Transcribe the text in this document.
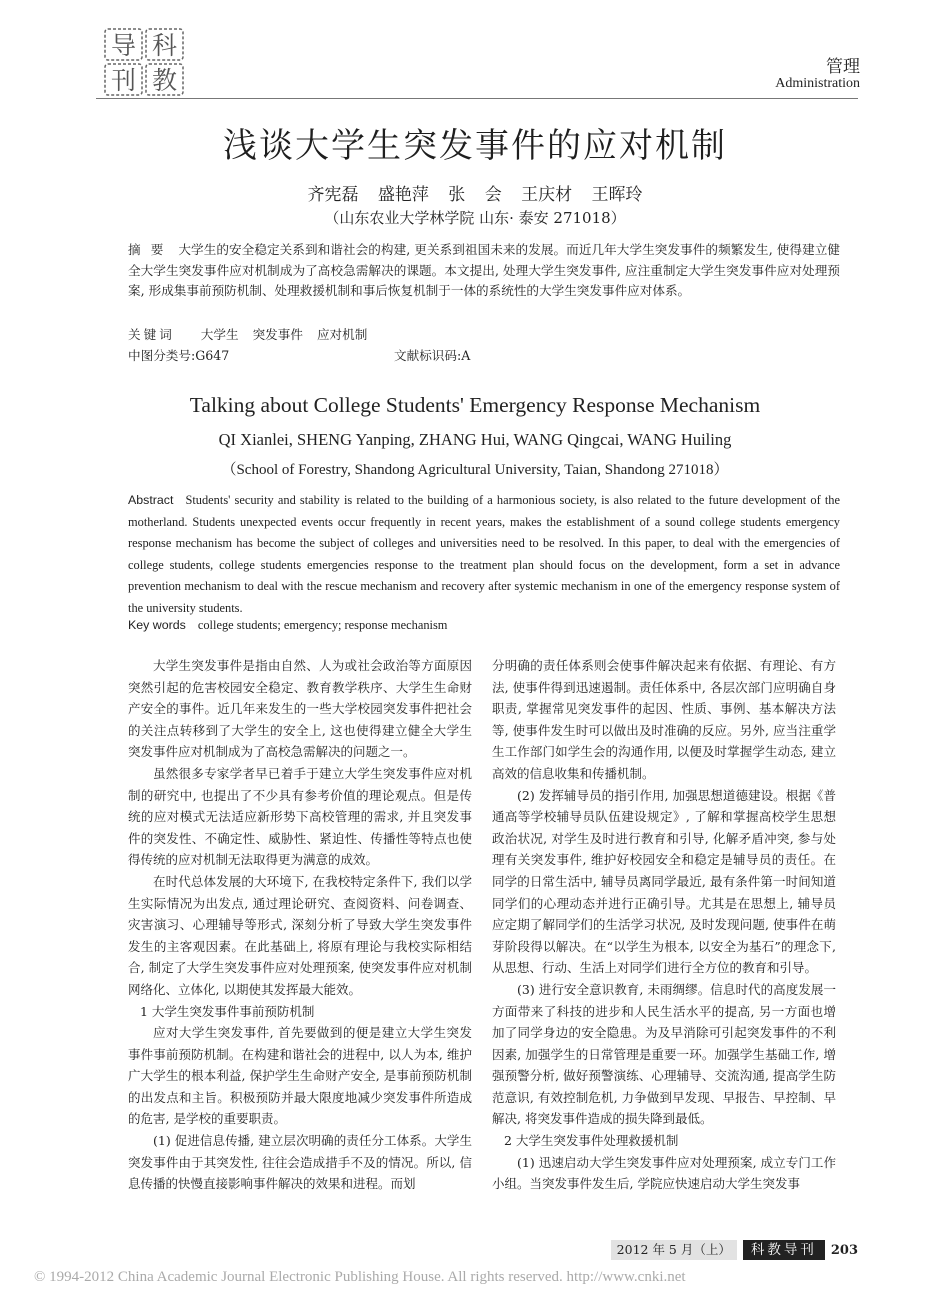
导 科
刊 教	管理
Administration
浅谈大学生突发事件的应对机制
齐宪磊 盛艳萍 张 会 王庆材 王晖玲
（山东农业大学林学院 山东· 泰安 271018）
摘 要 大学生的安全稳定关系到和谐社会的构建, 更关系到祖国未来的发展。而近几年大学生突发事件的频繁发生, 使得建立健全大学生突发事件应对机制成为了高校急需解决的课题。本文提出, 处理大学生突发事件, 应注重制定大学生突发事件应对处理预案, 形成集事前预防机制、处理救援机制和事后恢复机制于一体的系统性的大学生突发事件应对体系。
关键词 大学生 突发事件 应对机制
中图分类号:G647	文献标识码:A
Talking about College Students' Emergency Response Mechanism
QI Xianlei, SHENG Yanping, ZHANG Hui, WANG Qingcai, WANG Huiling
（School of Forestry, Shandong Agricultural University, Taian, Shandong 271018）
Abstract Students' security and stability is related to the building of a harmonious society, is also related to the future development of the motherland. Students unexpected events occur frequently in recent years, makes the establishment of a sound college students emergency response mechanism has become the subject of colleges and universities need to be resolved. In this paper, to deal with the emergencies of college students, college students emergencies response to the treatment plan should focus on the development, form a set in advance prevention mechanism to deal with the rescue mechanism and recovery after systemic mechanism in one of the emergency response system of the university students.
Key words college students; emergency; response mechanism

大学生突发事件是指由自然、人为或社会政治等方面原因突然引起的危害校园安全稳定、教育教学秩序、大学生生命财产安全的事件。近几年来发生的一些大学校园突发事件把社会的关注点转移到了大学生的安全上, 这也使得建立健全大学生突发事件应对机制成为了高校急需解决的问题之一。

虽然很多专家学者早已着手于建立大学生突发事件应对机制的研究中, 也提出了不少具有参考价值的理论观点。但是传统的应对模式无法适应新形势下高校管理的需求, 并且突发事件的突发性、不确定性、威胁性、紧迫性、传播性等特点也使得传统的应对机制无法取得更为满意的成效。

在时代总体发展的大环境下, 在我校特定条件下, 我们以学生实际情况为出发点, 通过理论研究、查阅资料、问卷调查、灾害演习、心理辅导等形式, 深刻分析了导致大学生突发事件发生的主客观因素。在此基础上, 将原有理论与我校实际相结合, 制定了大学生突发事件应对处理预案, 使突发事件应对机制网络化、立体化, 以期使其发挥最大能效。

1 大学生突发事件事前预防机制

应对大学生突发事件, 首先要做到的便是建立大学生突发事件事前预防机制。在构建和谐社会的进程中, 以人为本, 维护广大学生的根本利益, 保护学生生命财产安全, 是事前预防机制的出发点和主旨。积极预防并最大限度地减少突发事件所造成的危害, 是学校的重要职责。

(1) 促进信息传播, 建立层次明确的责任分工体系。大学生突发事件由于其突发性, 往往会造成措手不及的情况。所以, 信息传播的快慢直接影响事件解决的效果和进程。而划

分明确的责任体系则会使事件解决起来有依据、有理论、有方法, 使事件得到迅速遏制。责任体系中, 各层次部门应明确自身职责, 掌握常见突发事件的起因、性质、事例、基本解决方法等, 使事件发生时可以做出及时准确的反应。另外, 应当注重学生工作部门如学生会的沟通作用, 以便及时掌握学生动态, 建立高效的信息收集和传播机制。

(2) 发挥辅导员的指引作用, 加强思想道德建设。根据《普通高等学校辅导员队伍建设规定》, 了解和掌握高校学生思想政治状况, 对学生及时进行教育和引导, 化解矛盾冲突, 参与处理有关突发事件, 维护好校园安全和稳定是辅导员的责任。在同学的日常生活中, 辅导员离同学最近, 最有条件第一时间知道同学们的心理动态并进行正确引导。尤其是在思想上, 辅导员应定期了解同学们的生活学习状况, 及时发现问题, 使事件在萌芽阶段得以解决。在“以学生为根本, 以安全为基石”的理念下, 从思想、行动、生活上对同学们进行全方位的教育和引导。

(3) 进行安全意识教育, 未雨绸缪。信息时代的高度发展一方面带来了科技的进步和人民生活水平的提高, 另一方面也增加了同学身边的安全隐患。为及早消除可引起突发事件的不利因素, 加强学生的日常管理是重要一环。加强学生基础工作, 增强预警分析, 做好预警演练、心理辅导、交流沟通, 提高学生防范意识, 有效控制危机, 力争做到早发现、早报告、早控制、早解决, 将突发事件造成的损失降到最低。

2 大学生突发事件处理救援机制

(1) 迅速启动大学生突发事件应对处理预案, 成立专门工作小组。当突发事件发生后, 学院应快速启动大学生突发事

2012 年 5 月（上）	科教导刊	203
© 1994-2012 China Academic Journal Electronic Publishing House. All rights reserved. http://www.cnki.net
